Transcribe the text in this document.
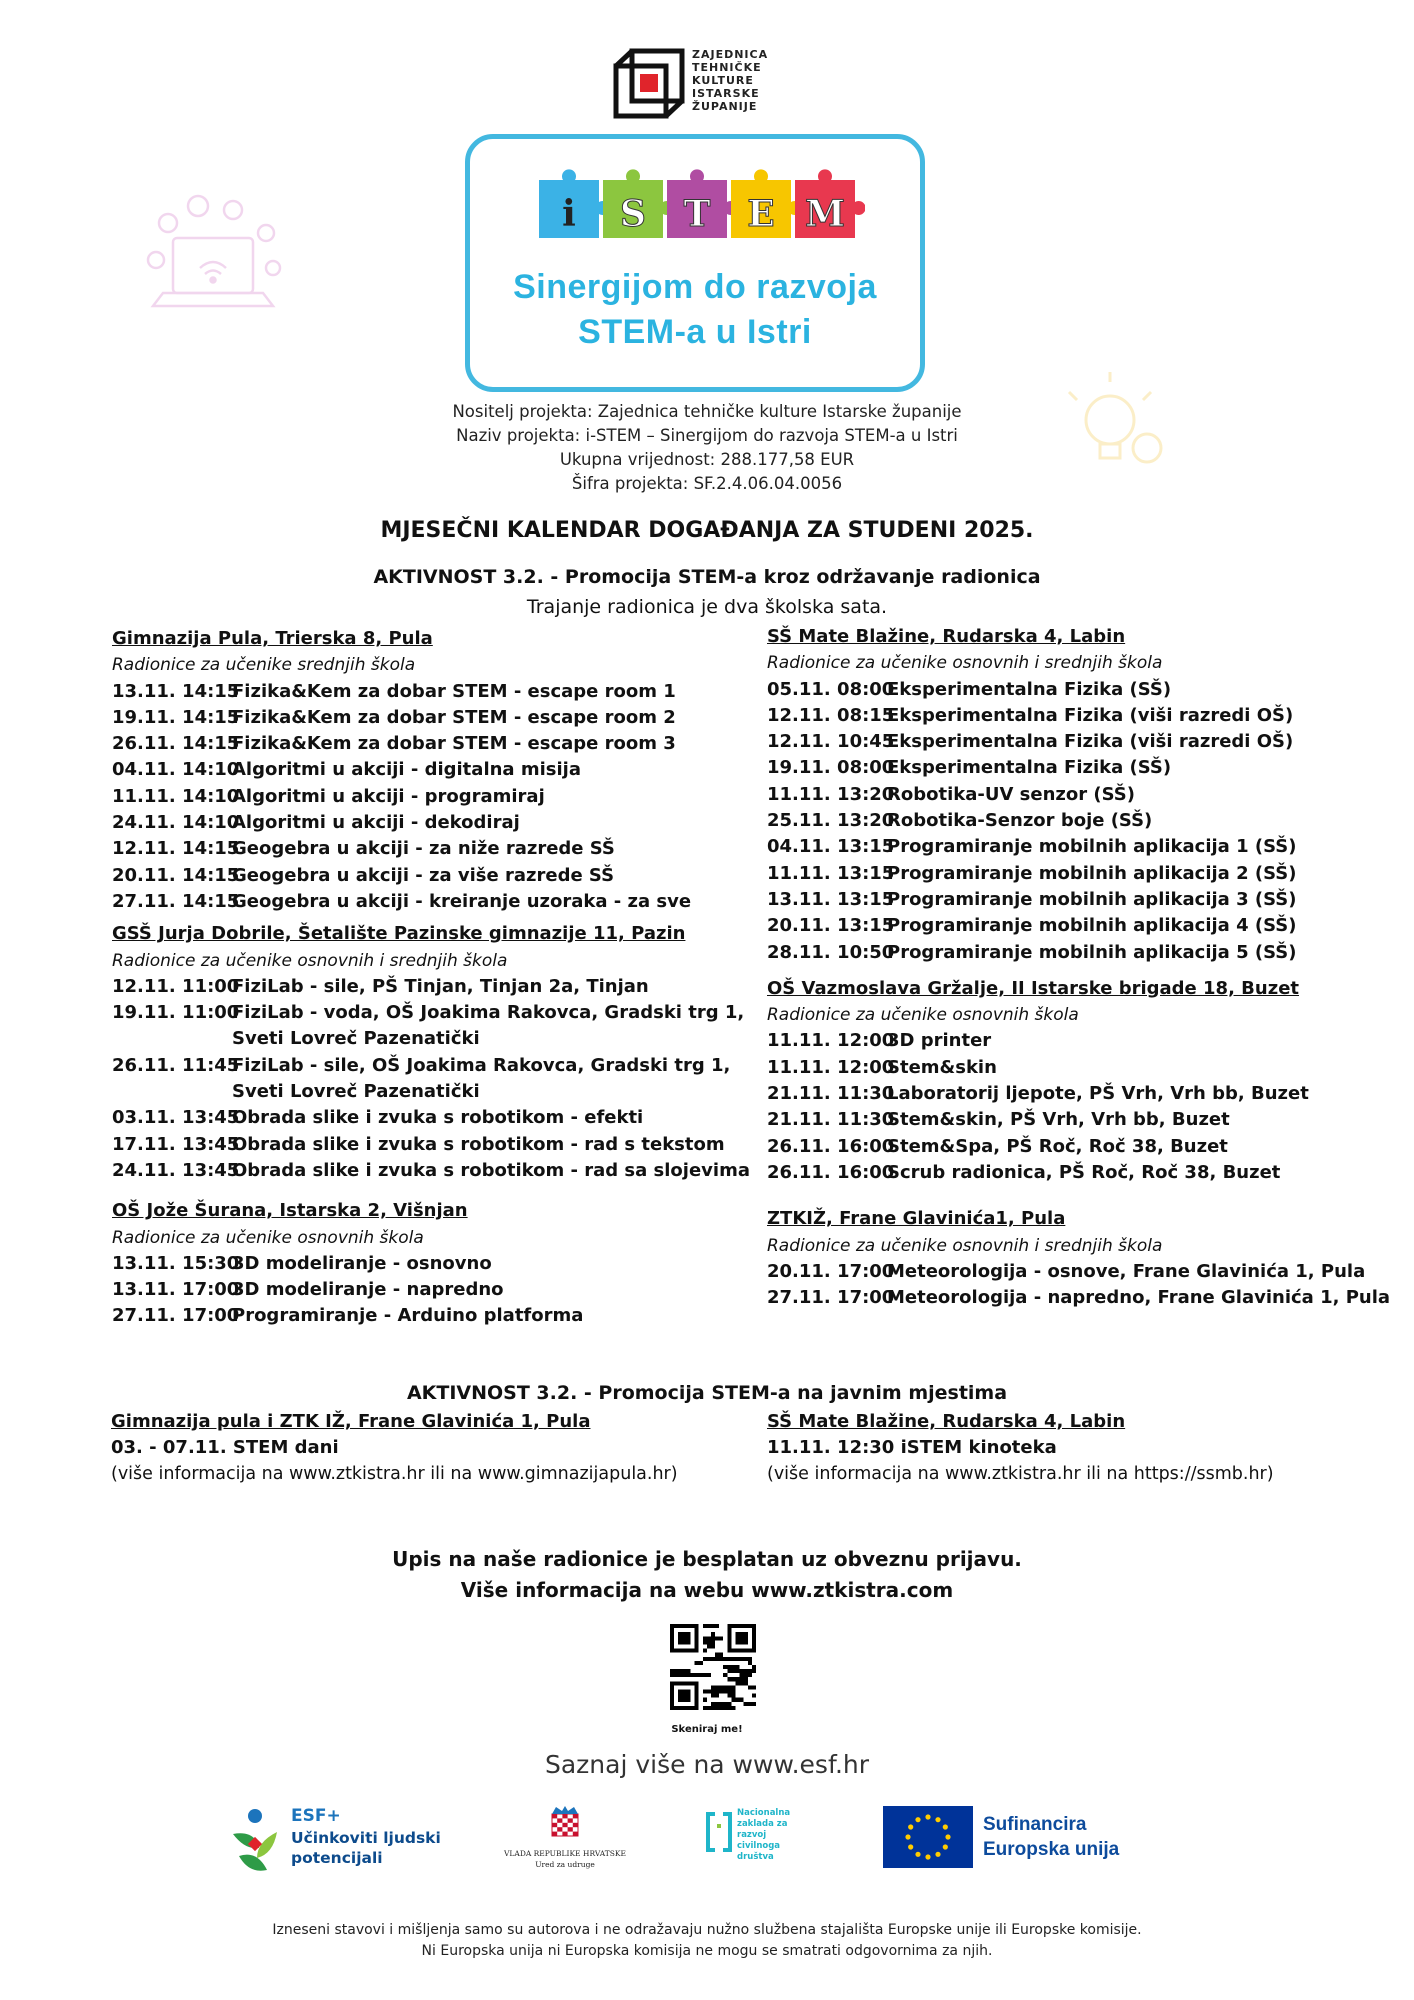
ZAJEDNICA
TEHNIČKE
KULTURE
ISTARSKE
ŽUPANIJE
i S T E M
Sinergijom do razvoja
STEM-a u Istri
Nositelj projekta: Zajednica tehničke kulture Istarske županije
Naziv projekta: i-STEM – Sinergijom do razvoja STEM-a u Istri
Ukupna vrijednost: 288.177,58 EUR
Šifra projekta: SF.2.4.06.04.0056
MJESEČNI KALENDAR DOGAĐANJA ZA STUDENI 2025.
AKTIVNOST 3.2. - Promocija STEM-a kroz održavanje radionica
Trajanje radionica je dva školska sata.
Gimnazija Pula, Trierska 8, Pula
Radionice za učenike srednjih škola
13.11. 14:15Fizika&Kem za dobar STEM - escape room 1
19.11. 14:15Fizika&Kem za dobar STEM - escape room 2
26.11. 14:15Fizika&Kem za dobar STEM - escape room 3
04.11. 14:10Algoritmi u akciji - digitalna misija
11.11. 14:10Algoritmi u akciji - programiraj
24.11. 14:10Algoritmi u akciji - dekodiraj
12.11. 14:15Geogebra u akciji - za niže razrede SŠ
20.11. 14:15Geogebra u akciji - za više razrede SŠ
27.11. 14:15Geogebra u akciji - kreiranje uzoraka - za sve
GSŠ Jurja Dobrile, Šetalište Pazinske gimnazije 11, Pazin
Radionice za učenike osnovnih i srednjih škola
12.11. 11:00FiziLab - sile, PŠ Tinjan, Tinjan 2a, Tinjan
19.11. 11:00FiziLab - voda, OŠ Joakima Rakovca, Gradski trg 1,
Sveti Lovreč Pazenatički
26.11. 11:45FiziLab - sile, OŠ Joakima Rakovca, Gradski trg 1,
Sveti Lovreč Pazenatički
03.11. 13:45Obrada slike i zvuka s robotikom - efekti
17.11. 13:45Obrada slike i zvuka s robotikom - rad s tekstom
24.11. 13:45Obrada slike i zvuka s robotikom - rad sa slojevima
OŠ Jože Šurana, Istarska 2, Višnjan
Radionice za učenike osnovnih škola
13.11. 15:303D modeliranje - osnovno
13.11. 17:003D modeliranje - napredno
27.11. 17:00Programiranje - Arduino platforma
SŠ Mate Blažine, Rudarska 4, Labin
Radionice za učenike osnovnih i srednjih škola
05.11. 08:00Eksperimentalna Fizika (SŠ)
12.11. 08:15Eksperimentalna Fizika (viši razredi OŠ)
12.11. 10:45Eksperimentalna Fizika (viši razredi OŠ)
19.11. 08:00Eksperimentalna Fizika (SŠ)
11.11. 13:20Robotika-UV senzor (SŠ)
25.11. 13:20Robotika-Senzor boje (SŠ)
04.11. 13:15Programiranje mobilnih aplikacija 1 (SŠ)
11.11. 13:15Programiranje mobilnih aplikacija 2 (SŠ)
13.11. 13:15Programiranje mobilnih aplikacija 3 (SŠ)
20.11. 13:15Programiranje mobilnih aplikacija 4 (SŠ)
28.11. 10:50Programiranje mobilnih aplikacija 5 (SŠ)
OŠ Vazmoslava Gržalje, II Istarske brigade 18, Buzet
Radionice za učenike osnovnih škola
11.11. 12:003D printer
11.11. 12:00Stem&skin
21.11. 11:30Laboratorij ljepote, PŠ Vrh, Vrh bb, Buzet
21.11. 11:30Stem&skin, PŠ Vrh, Vrh bb, Buzet
26.11. 16:00Stem&Spa, PŠ Roč, Roč 38, Buzet
26.11. 16:00Scrub radionica, PŠ Roč, Roč 38, Buzet
ZTKIŽ, Frane Glavinića1, Pula
Radionice za učenike osnovnih i srednjih škola
20.11. 17:00Meteorologija - osnove, Frane Glavinića 1, Pula
27.11. 17:00Meteorologija - napredno, Frane Glavinića 1, Pula
AKTIVNOST 3.2. - Promocija STEM-a na javnim mjestima
Gimnazija pula i ZTK IŽ, Frane Glavinića 1, Pula
03. - 07.11. STEM dani
(više informacija na www.ztkistra.hr ili na www.gimnazijapula.hr)
SŠ Mate Blažine, Rudarska 4, Labin
11.11. 12:30 iSTEM kinoteka
(više informacija na www.ztkistra.hr ili na https://ssmb.hr)
Upis na naše radionice je besplatan uz obveznu prijavu.
Više informacija na webu www.ztkistra.com
Skeniraj me!
Saznaj više na www.esf.hr
ESF+
Učinkoviti ljudski
potencijali	VLADA REPUBLIKE HRVATSKE
Ured za udruge
Nacionalna
zaklada za
razvoj
civilnoga
društva
Sufinancira
Europska unija
Izneseni stavovi i mišljenja samo su autorova i ne odražavaju nužno službena stajališta Europske unije ili Europske komisije.
Ni Europska unija ni Europska komisija ne mogu se smatrati odgovornima za njih.
